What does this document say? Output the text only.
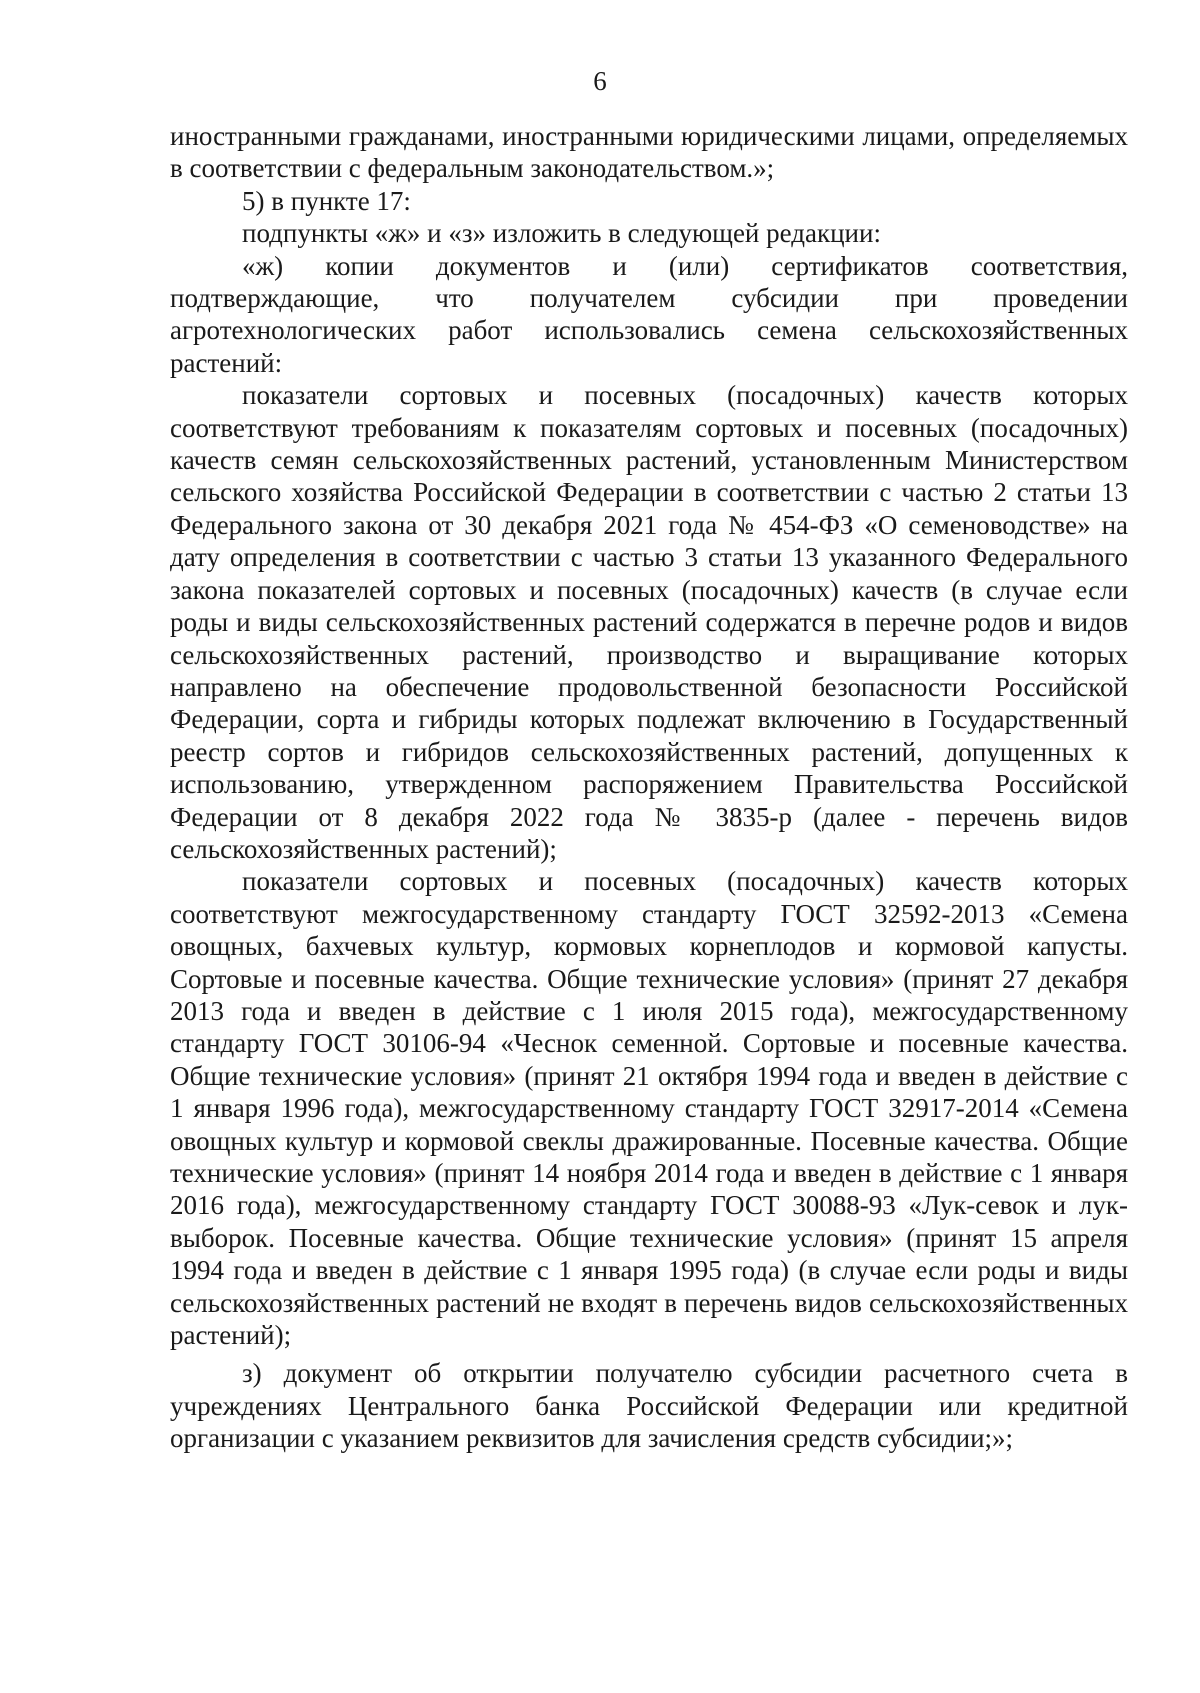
6

иностранными гражданами, иностранными юридическими лицами, определяемых в соответствии с федеральным законодательством.»;

5) в пункте 17:

подпункты «ж» и «з» изложить в следующей редакции:

«ж) копии документов и (или) сертификатов соответствия, подтверждающие, что получателем субсидии при проведении агротехнологических работ использовались семена сельскохозяйственных растений:

показатели сортовых и посевных (посадочных) качеств которых соответствуют требованиям к показателям сортовых и посевных (посадочных) качеств семян сельскохозяйственных растений, установленным Министерством сельского хозяйства Российской Федерации в соответствии с частью 2 статьи 13 Федерального закона от 30 декабря 2021 года № 454-ФЗ «О семеноводстве» на дату определения в соответствии с частью 3 статьи 13 указанного Федерального закона показателей сортовых и посевных (посадочных) качеств (в случае если роды и виды сельскохозяйственных растений содержатся в перечне родов и видов сельскохозяйственных растений, производство и выращивание которых направлено на обеспечение продовольственной безопасности Российской Федерации, сорта и гибриды которых подлежат включению в Государственный реестр сортов и гибридов сельскохозяйственных растений, допущенных к использованию, утвержденном распоряжением Правительства Российской Федерации от 8 декабря 2022 года № 3835-р (далее - перечень видов сельскохозяйственных растений);

показатели сортовых и посевных (посадочных) качеств которых соответствуют межгосударственному стандарту ГОСТ 32592-2013 «Семена овощных, бахчевых культур, кормовых корнеплодов и кормовой капусты. Сортовые и посевные качества. Общие технические условия» (принят 27 декабря 2013 года и введен в действие с 1 июля 2015 года), межгосударственному стандарту ГОСТ 30106-94 «Чеснок семенной. Сортовые и посевные качества. Общие технические условия» (принят 21 октября 1994 года и введен в действие с 1 января 1996 года), межгосударственному стандарту ГОСТ 32917-2014 «Семена овощных культур и кормовой свеклы дражированные. Посевные качества. Общие технические условия» (принят 14 ноября 2014 года и введен в действие с 1 января 2016 года), межгосударственному стандарту ГОСТ 30088-93 «Лук-севок и лук-выборок. Посевные качества. Общие технические условия» (принят 15 апреля 1994 года и введен в действие с 1 января 1995 года) (в случае если роды и виды сельскохозяйственных растений не входят в перечень видов сельскохозяйственных растений);

з) документ об открытии получателю субсидии расчетного счета в учреждениях Центрального банка Российской Федерации или кредитной организации с указанием реквизитов для зачисления средств субсидии;»;
